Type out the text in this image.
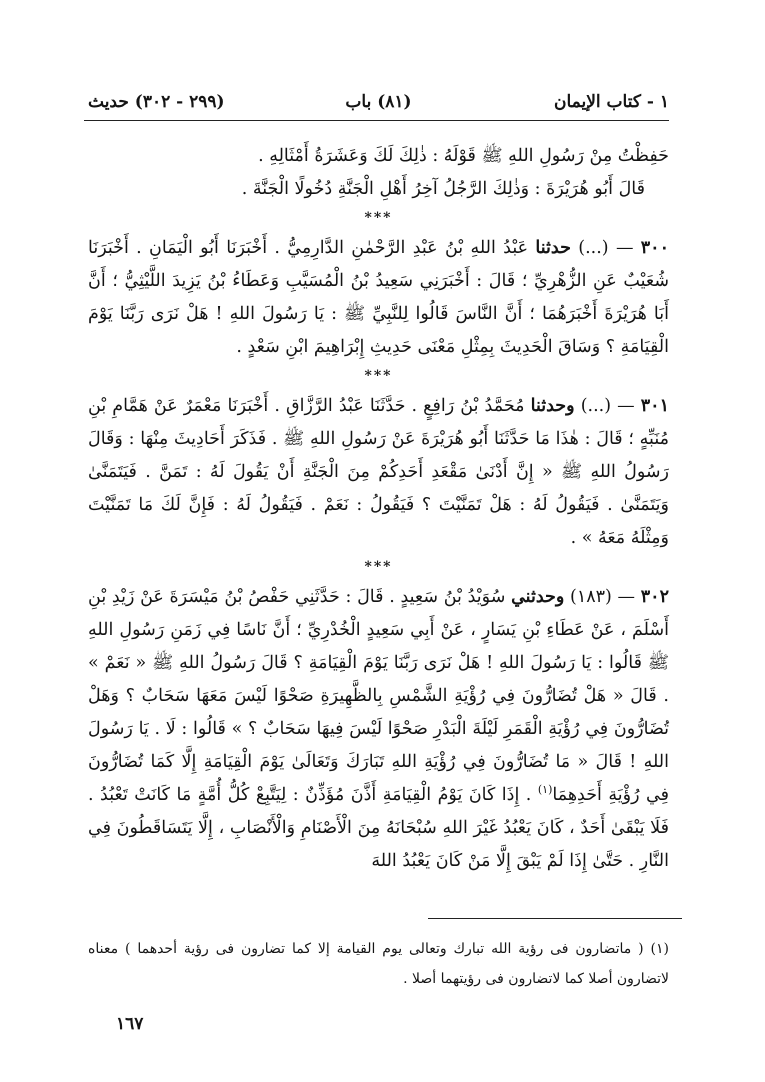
١ - كتاب الإيمان
(٨١) باب
(٢٩٩ - ٣٠٢) حديث

حَفِظْتُ مِنْ رَسُولِ اللهِ ﷺ قَوْلَهُ : ذٰلِكَ لَكَ وَعَشَرَةُ أَمْثَالِهِ .

قَالَ أَبُو هُرَيْرَةَ : وَذٰلِكَ الرَّجُلُ آخِرُ أَهْلِ الْجَنَّةِ دُخُولًا الْجَنَّةَ .

***

٣٠٠ — (...) حدثنا عَبْدُ اللهِ بْنُ عَبْدِ الرَّحْمٰنِ الدَّارِمِيُّ . أَخْبَرَنَا أَبُو الْيَمَانِ . أَخْبَرَنَا شُعَيْبٌ عَنِ الزُّهْرِيِّ ؛ قَالَ : أَخْبَرَنِي سَعِيدُ بْنُ الْمُسَيَّبِ وَعَطَاءُ بْنُ يَزِيدَ اللَّيْثِيُّ ؛ أَنَّ أَبَا هُرَيْرَةَ أَخْبَرَهُمَا ؛ أَنَّ النَّاسَ قَالُوا لِلنَّبِيِّ ﷺ : يَا رَسُولَ اللهِ ! هَلْ نَرَى رَبَّنَا يَوْمَ الْقِيَامَةِ ؟ وَسَاقَ الْحَدِيثَ بِمِثْلِ مَعْنَى حَدِيثِ إِبْرَاهِيمَ ابْنِ سَعْدٍ .

***

٣٠١ — (...) وحدثنا مُحَمَّدُ بْنُ رَافِعٍ . حَدَّثَنَا عَبْدُ الرَّزَّاقِ . أَخْبَرَنَا مَعْمَرٌ عَنْ هَمَّامِ بْنِ مُنَبِّهٍ ؛ قَالَ : هٰذَا مَا حَدَّثَنَا أَبُو هُرَيْرَةَ عَنْ رَسُولِ اللهِ ﷺ . فَذَكَرَ أَحَادِيثَ مِنْهَا : وَقَالَ رَسُولُ اللهِ ﷺ « إِنَّ أَدْنَىٰ مَقْعَدِ أَحَدِكُمْ مِنَ الْجَنَّةِ أَنْ يَقُولَ لَهُ : تَمَنَّ . فَيَتَمَنَّىٰ وَيَتَمَنَّىٰ . فَيَقُولُ لَهُ : هَلْ تَمَنَّيْتَ ؟ فَيَقُولُ : نَعَمْ . فَيَقُولُ لَهُ : فَإِنَّ لَكَ مَا تَمَنَّيْتَ وَمِثْلَهُ مَعَهُ » .

***

٣٠٢ — (١٨٣) وحدثني سُوَيْدُ بْنُ سَعِيدٍ . قَالَ : حَدَّثَنِي حَفْصُ بْنُ مَيْسَرَةَ عَنْ زَيْدِ بْنِ أَسْلَمَ ، عَنْ عَطَاءِ بْنِ يَسَارٍ ، عَنْ أَبِي سَعِيدٍ الْخُدْرِيِّ ؛ أَنَّ نَاسًا فِي زَمَنِ رَسُولِ اللهِ ﷺ قَالُوا : يَا رَسُولَ اللهِ ! هَلْ نَرَى رَبَّنَا يَوْمَ الْقِيَامَةِ ؟ قَالَ رَسُولُ اللهِ ﷺ « نَعَمْ » . قَالَ « هَلْ تُضَارُّونَ فِي رُؤْيَةِ الشَّمْسِ بِالظَّهِيرَةِ صَحْوًا لَيْسَ مَعَهَا سَحَابٌ ؟ وَهَلْ تُضَارُّونَ فِي رُؤْيَةِ الْقَمَرِ لَيْلَةَ الْبَدْرِ صَحْوًا لَيْسَ فِيهَا سَحَابٌ ؟ » قَالُوا : لَا . يَا رَسُولَ اللهِ ! قَالَ « مَا تُضَارُّونَ فِي رُؤْيَةِ اللهِ تَبَارَكَ وَتَعَالَىٰ يَوْمَ الْقِيَامَةِ إِلَّا كَمَا تُضَارُّونَ فِي رُؤْيَةِ أَحَدِهِمَا$^{(١)}$ . إِذَا كَانَ يَوْمُ الْقِيَامَةِ أَذَّنَ مُؤَذِّنٌ : لِيَتَّبِعْ كُلُّ أُمَّةٍ مَا كَانَتْ تَعْبُدُ . فَلَا يَبْقَىٰ أَحَدٌ ، كَانَ يَعْبُدُ غَيْرَ اللهِ سُبْحَانَهُ مِنَ الْأَصْنَامِ وَالْأَنْصَابِ ، إِلَّا يَتَسَاقَطُونَ فِي النَّارِ . حَتَّىٰ إِذَا لَمْ يَبْقَ إِلَّا مَنْ كَانَ يَعْبُدُ اللهَ

(١) ( ماتضارون فى رؤية الله تبارك وتعالى يوم القيامة إلا كما تضارون فى رؤية أحدهما ) معناه لاتضارون أصلا كما لاتضارون فى رؤيتهما أصلا .

١٦٧
